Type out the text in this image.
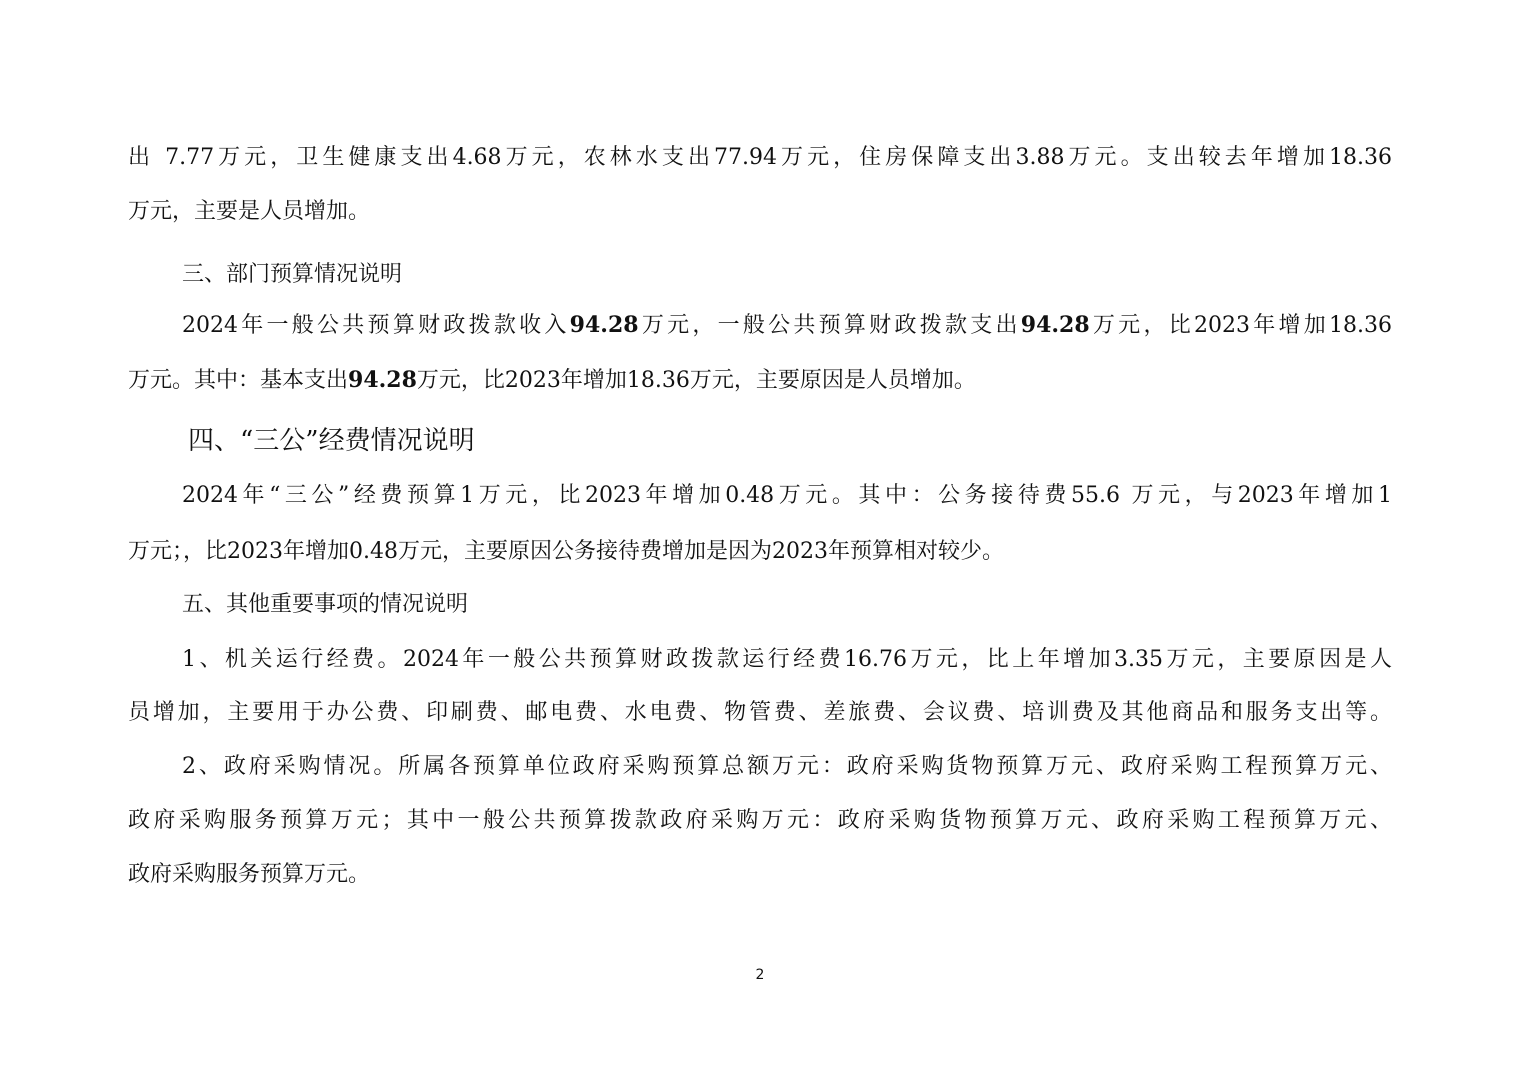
出 7.77万元，卫生健康支出4.68万元，农林水支出77.94万元，住房保障支出3.88万元。支出较去年增加18.36
万元，主要是人员增加。
三、部门预算情况说明
2024年一般公共预算财政拨款收入94.28万元，一般公共预算财政拨款支出94.28万元，比2023年增加18.36
万元。其中：基本支出94.28万元，比2023年增加18.36万元，主要原因是人员增加。
四、“三公”经费情况说明
2024年“三公”经费预算1万元，比2023年增加0.48万元。其中：公务接待费55.6 万元，与2023年增加1
万元；，比2023年增加0.48万元，主要原因公务接待费增加是因为2023年预算相对较少。
五、其他重要事项的情况说明
1、机关运行经费。2024年一般公共预算财政拨款运行经费16.76万元，比上年增加3.35万元，主要原因是人
员增加，主要用于办公费、印刷费、邮电费、水电费、物管费、差旅费、会议费、培训费及其他商品和服务支出等。
2、政府采购情况。所属各预算单位政府采购预算总额万元：政府采购货物预算万元、政府采购工程预算万元、
政府采购服务预算万元；其中一般公共预算拨款政府采购万元：政府采购货物预算万元、政府采购工程预算万元、
政府采购服务预算万元。
2
